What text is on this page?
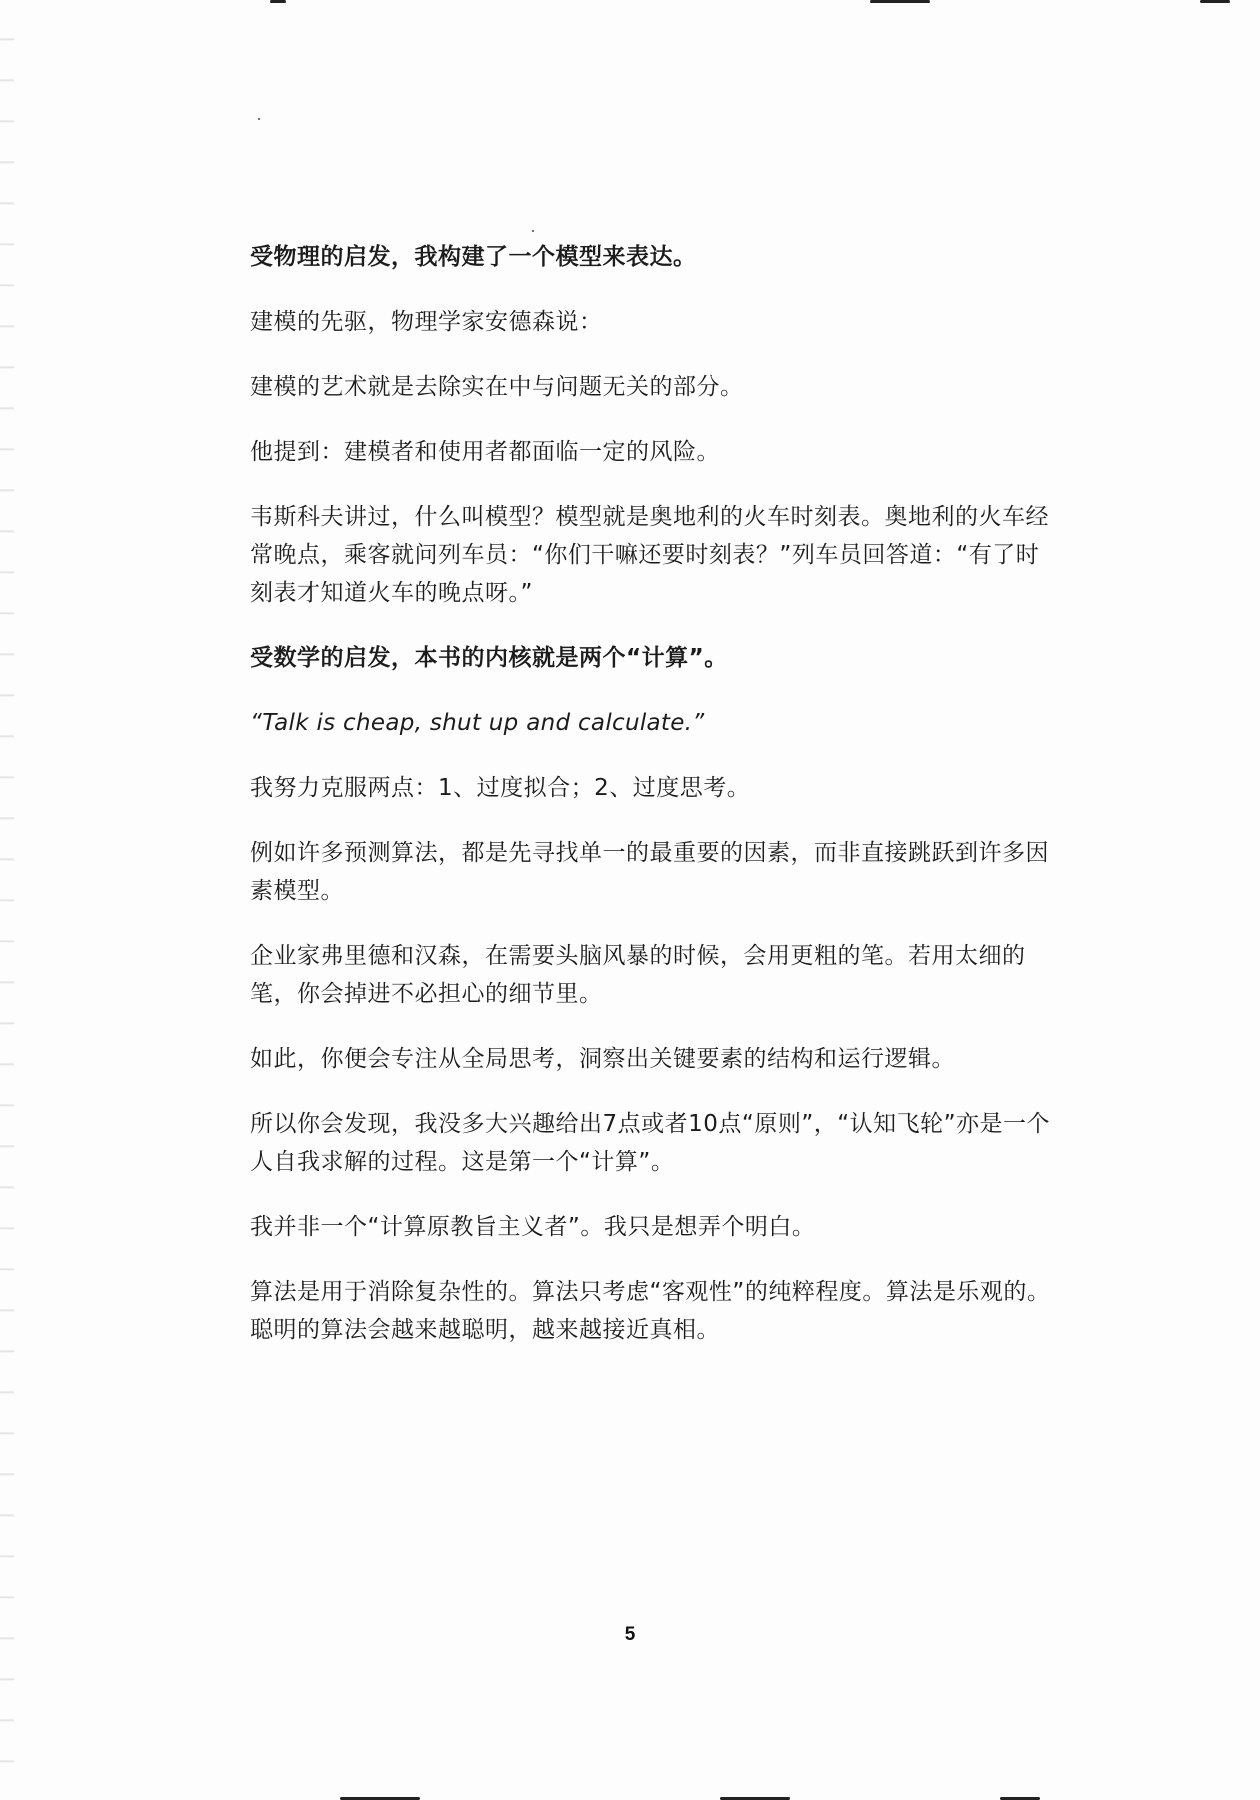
受物理的启发，我构建了一个模型来表达。

建模的先驱，物理学家安德森说：

建模的艺术就是去除实在中与问题无关的部分。

他提到：建模者和使用者都面临一定的风险。

韦斯科夫讲过，什么叫模型？模型就是奥地利的火车时刻表。奥地利的火车经常晚点，乘客就问列车员：“你们干嘛还要时刻表？”列车员回答道：“有了时刻表才知道火车的晚点呀。”

受数学的启发，本书的内核就是两个“计算”。

“Talk is cheap, shut up and calculate.”

我努力克服两点：1、过度拟合；2、过度思考。

例如许多预测算法，都是先寻找单一的最重要的因素，而非直接跳跃到许多因素模型。

企业家弗里德和汉森，在需要头脑风暴的时候，会用更粗的笔。若用太细的笔，你会掉进不必担心的细节里。

如此，你便会专注从全局思考，洞察出关键要素的结构和运行逻辑。

所以你会发现，我没多大兴趣给出7点或者10点“原则”，“认知飞轮”亦是一个人自我求解的过程。这是第一个“计算”。

我并非一个“计算原教旨主义者”。我只是想弄个明白。

算法是用于消除复杂性的。算法只考虑“客观性”的纯粹程度。算法是乐观的。聪明的算法会越来越聪明，越来越接近真相。

5
